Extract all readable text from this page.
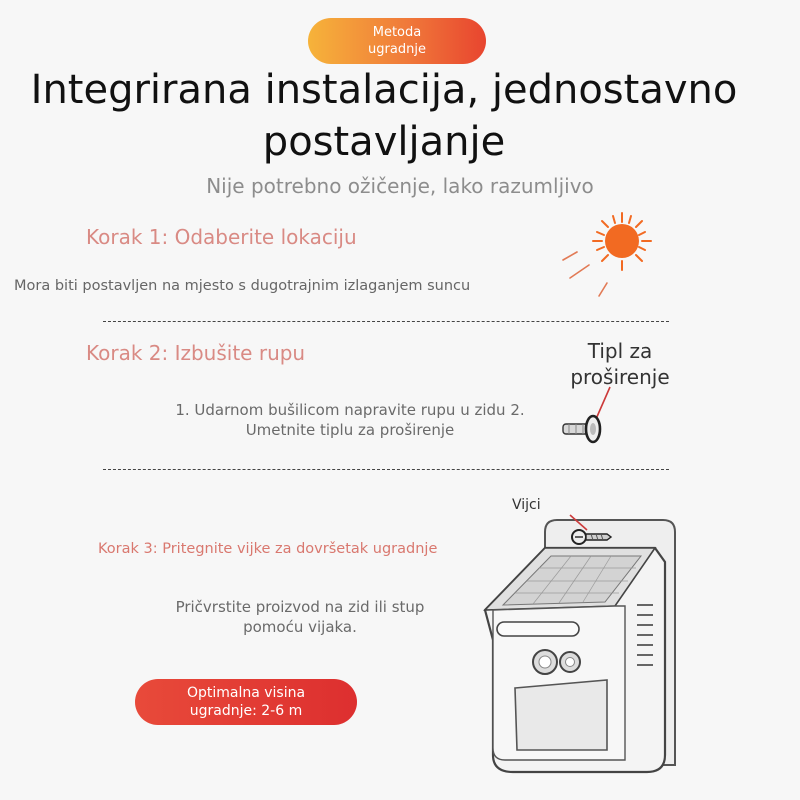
Metoda
ugradnje
Integrirana instalacija, jednostavno
postavljanje
Nije potrebno ožičenje, lako razumljivo
Korak 1: Odaberite lokaciju
Mora biti postavljen na mjesto s dugotrajnim izlaganjem suncu
Korak 2: Izbušite rupu
1. Udarnom bušilicom napravite rupu u zidu 2.
Umetnite tiplu za proširenje
Tipl za
proširenje
Korak 3: Pritegnite vijke za dovršetak ugradnje
Pričvrstite proizvod na zid ili stup
pomoću vijaka.
Vijci
Optimalna visina
ugradnje: 2-6 m
